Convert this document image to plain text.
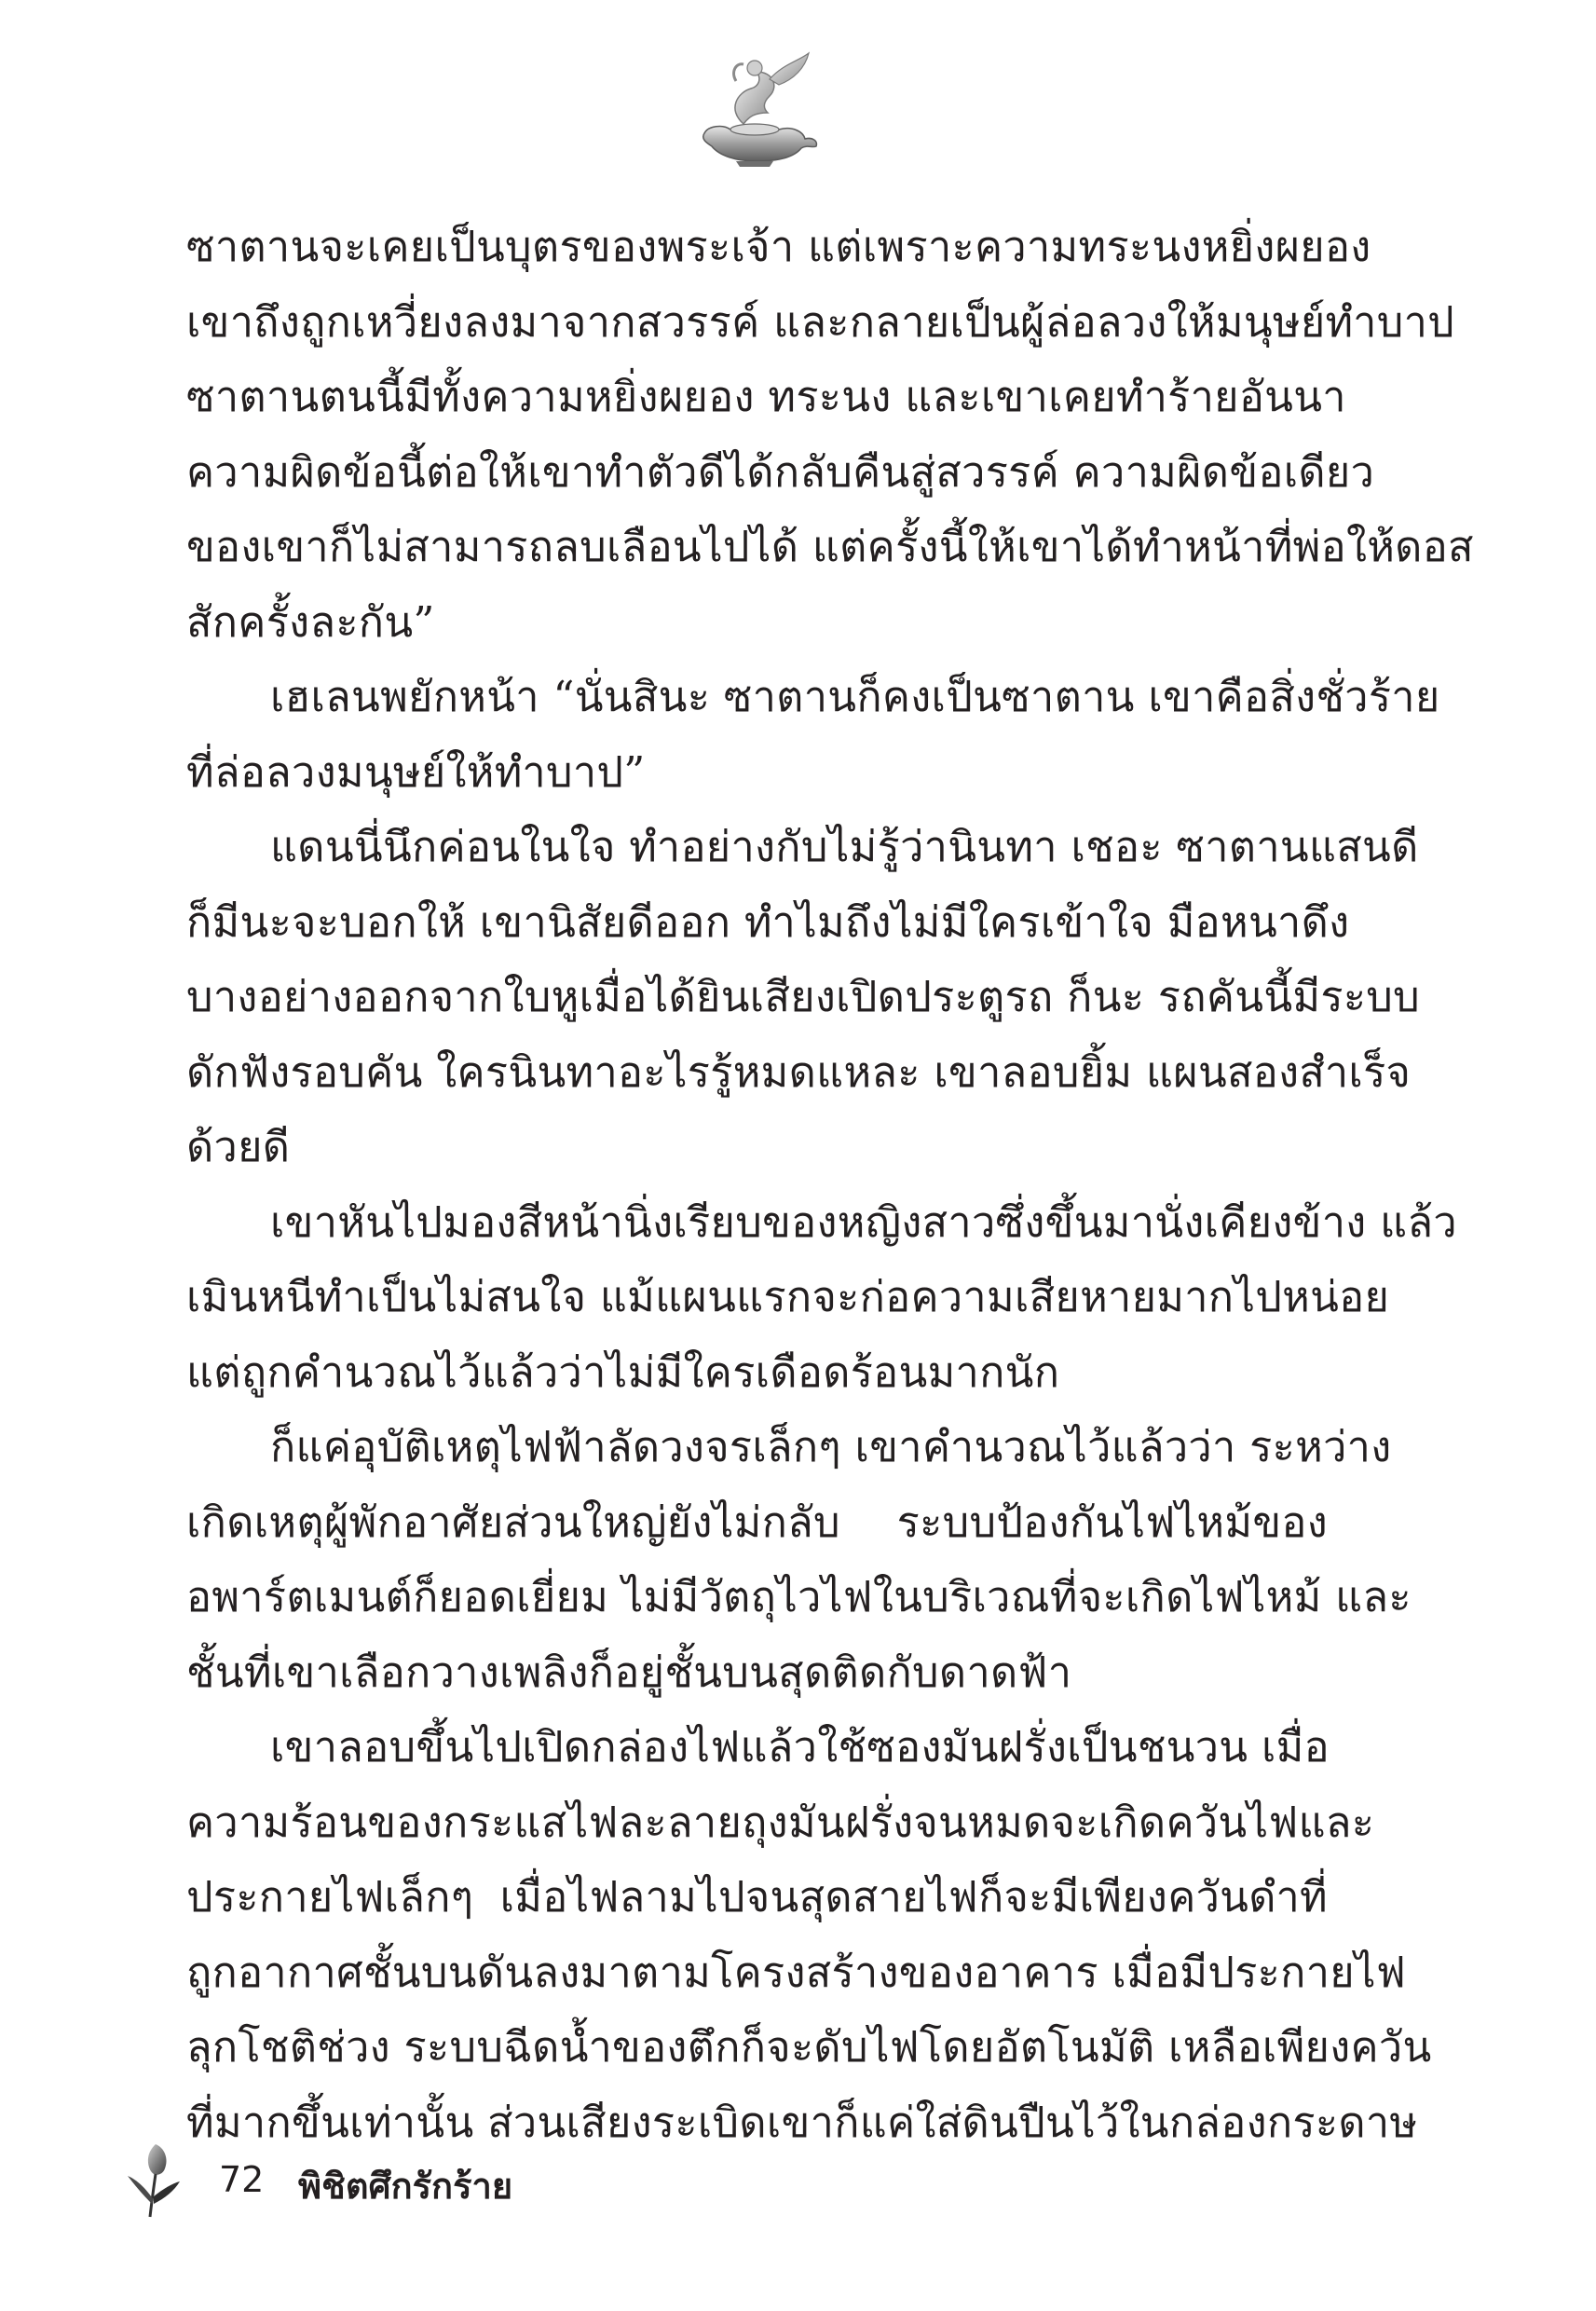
ซาตานจะเคยเป็นบุตรของพระเจ้า แต่เพราะความทระนงหยิ่งผยอง
เขาถึงถูกเหวี่ยงลงมาจากสวรรค์ และกลายเป็นผู้ล่อลวงให้มนุษย์ทำบาป
ซาตานตนนี้มีทั้งความหยิ่งผยอง ทระนง และเขาเคยทำร้ายอันนา
ความผิดข้อนี้ต่อให้เขาทำตัวดีได้กลับคืนสู่สวรรค์ ความผิดข้อเดียว
ของเขาก็ไม่สามารถลบเลือนไปได้ แต่ครั้งนี้ให้เขาได้ทำหน้าที่พ่อให้ดอส
สักครั้งละกัน”
เฮเลนพยักหน้า “นั่นสินะ ซาตานก็คงเป็นซาตาน เขาคือสิ่งชั่วร้าย
ที่ล่อลวงมนุษย์ให้ทำบาป”
แดนนี่นึกค่อนในใจ ทำอย่างกับไม่รู้ว่านินทา เชอะ ซาตานแสนดี
ก็มีนะจะบอกให้ เขานิสัยดีออก ทำไมถึงไม่มีใครเข้าใจ มือหนาดึง
บางอย่างออกจากใบหูเมื่อได้ยินเสียงเปิดประตูรถ ก็นะ รถคันนี้มีระบบ
ดักฟังรอบคัน ใครนินทาอะไรรู้หมดแหละ เขาลอบยิ้ม แผนสองสำเร็จ
ด้วยดี
เขาหันไปมองสีหน้านิ่งเรียบของหญิงสาวซึ่งขึ้นมานั่งเคียงข้าง แล้ว
เมินหนีทำเป็นไม่สนใจ แม้แผนแรกจะก่อความเสียหายมากไปหน่อย
แต่ถูกคำนวณไว้แล้วว่าไม่มีใครเดือดร้อนมากนัก
ก็แค่อุบัติเหตุไฟฟ้าลัดวงจรเล็กๆ เขาคำนวณไว้แล้วว่า ระหว่าง
เกิดเหตุผู้พักอาศัยส่วนใหญ่ยังไม่กลับ ระบบป้องกันไฟไหม้ของ
อพาร์ตเมนต์ก็ยอดเยี่ยม ไม่มีวัตถุไวไฟในบริเวณที่จะเกิดไฟไหม้ และ
ชั้นที่เขาเลือกวางเพลิงก็อยู่ชั้นบนสุดติดกับดาดฟ้า
เขาลอบขึ้นไปเปิดกล่องไฟแล้วใช้ซองมันฝรั่งเป็นชนวน เมื่อ
ความร้อนของกระแสไฟละลายถุงมันฝรั่งจนหมดจะเกิดควันไฟและ
ประกายไฟเล็กๆ เมื่อไฟลามไปจนสุดสายไฟก็จะมีเพียงควันดำที่
ถูกอากาศชั้นบนดันลงมาตามโครงสร้างของอาคาร เมื่อมีประกายไฟ
ลุกโชติช่วง ระบบฉีดน้ำของตึกก็จะดับไฟโดยอัตโนมัติ เหลือเพียงควัน
ที่มากขึ้นเท่านั้น ส่วนเสียงระเบิดเขาก็แค่ใส่ดินปืนไว้ในกล่องกระดาษ
72 พิชิตศึกรักร้าย
